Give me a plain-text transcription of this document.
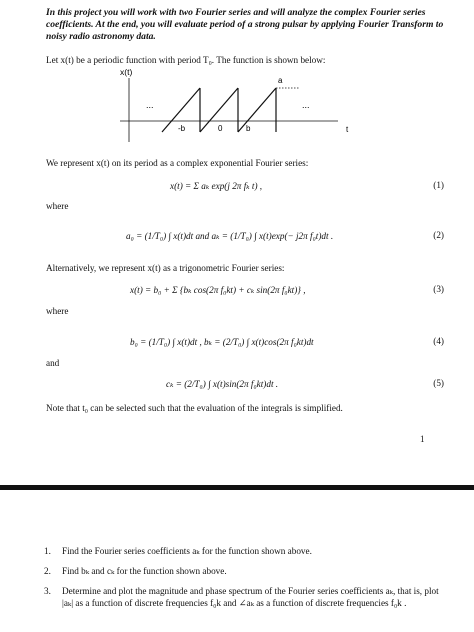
In this project you will work with two Fourier series and will analyze the complex Fourier series coefficients. At the end, you will evaluate period of a strong pulsar by applying Fourier Transform to noisy radio astronomy data.
Let x(t) be a periodic function with period T₀. The function is shown below:
x(t)
a
...	...
-b	0	b	t
We represent x(t) on its period as a complex exponential Fourier series:
x(t) = Σ aₖ exp(j 2π fₖ t) ,	(1)
where
a₀ = (1/T₀) ∫ x(t)dt and aₖ = (1/T₀) ∫ x(t)exp(− j2π f₀t)dt .	(2)
Alternatively, we represent x(t) as a trigonometric Fourier series:
x(t) = b₀ + Σ {bₖ cos(2π f₀kt) + cₖ sin(2π f₀kt)} ,	(3)
where
b₀ = (1/T₀) ∫ x(t)dt , bₖ = (2/T₀) ∫ x(t)cos(2π f₀kt)dt	(4)
and
cₖ = (2/T₀) ∫ x(t)sin(2π f₀kt)dt .	(5)
Note that t₀ can be selected such that the evaluation of the integrals is simplified.
1
1. Find the Fourier series coefficients aₖ for the function shown above.
2. Find bₖ and cₖ for the function shown above.
3. Determine and plot the magnitude and phase spectrum of the Fourier series coefficients aₖ, that is, plot |aₖ| as a function of discrete frequencies f₀k and ∠aₖ as a function of discrete frequencies f₀k .
